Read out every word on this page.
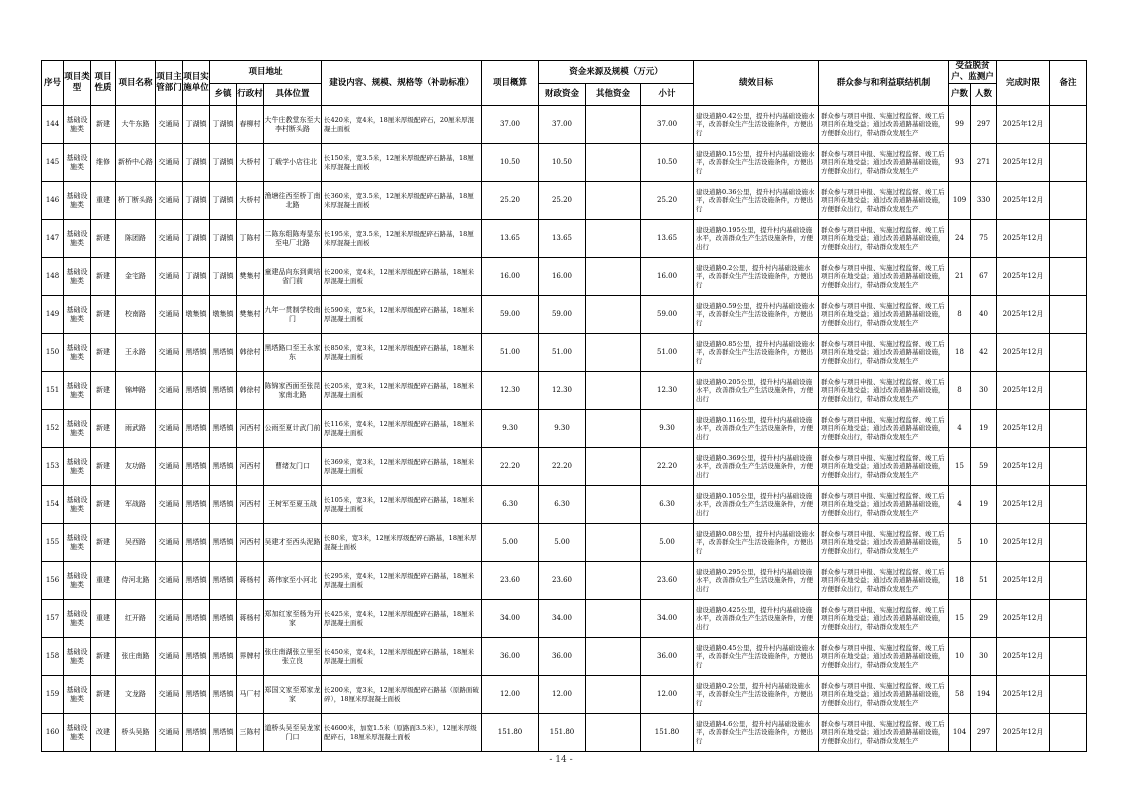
序号	项目类型	项目性质	项目名称	项目主管部门	项目实施单位	项目地址			建设内容、规模、规格等（补助标准）	项目概算	资金来源及规模（万元）			绩效目标	群众参与和利益联结机制	受益脱贫户、监测户		完成时限	备注
						乡镇	行政村	具体位置			财政资金	其他资金	小计			户数	人数		
144	基础设施类	新建	大牛东路	交通局	丁湖镇	丁湖镇	春柳村	大牛庄教堂东至大李村断头路	长420米，宽4米，18厘米厚级配碎石，20厘米厚混凝土面板	37.00	37.00		37.00	建设道路0.42公里，提升村内基础设施水平，改善群众生产生活设施条件，方便出行	群众参与项目申报、实施过程监督、竣工后项目所在地受益；通过改善道路基础设施，方便群众出行，带动群众发展生产	99	297	2025年12月	
145	基础设施类	维修	新桥中心路	交通局	丁湖镇	丁湖镇	大桥村	丁载学小店往北	长150米，宽3.5米，12厘米厚级配碎石路基，18厘米厚混凝土面板	10.50	10.50		10.50	建设道路0.15公里，提升村内基础设施水平，改善群众生产生活设施条件，方便出行	群众参与项目申报、实施过程监督、竣工后项目所在地受益；通过改善道路基础设施，方便群众出行，带动群众发展生产	93	271	2025年12月	
146	基础设施类	重建	桥丁断头路	交通局	丁湖镇	丁湖镇	大桥村	渔塘往西至桥丁南北路	长360米，宽3.5米，12厘米厚级配碎石路基，18厘米厚混凝土面板	25.20	25.20		25.20	建设道路0.36公里，提升村内基础设施水平，改善群众生产生活设施条件，方便出行	群众参与项目申报、实施过程监督、竣工后项目所在地受益；通过改善道路基础设施，方便群众出行，带动群众发展生产	109	330	2025年12月	
147	基础设施类	新建	陈团路	交通局	丁湖镇	丁湖镇	丁陈村	二陈东组陈寿显东至电厂北路	长195米，宽3.5米，12厘米厚级配碎石路基，18厘米厚混凝土面板	13.65	13.65		13.65	建设道路0.195公里，提升村内基础设施水平，改善群众生产生活设施条件，方便出行	群众参与项目申报、实施过程监督、竣工后项目所在地受益；通过改善道路基础设施，方便群众出行，带动群众发展生产	24	75	2025年12月	
148	基础设施类	新建	金宅路	交通局	丁湖镇	丁湖镇	樊集村	童建品向东到黄培省门前	长200米，宽4米，12厘米厚级配碎石路基，18厘米厚混凝土面板	16.00	16.00		16.00	建设道路0.2公里，提升村内基础设施水平，改善群众生产生活设施条件，方便出行	群众参与项目申报、实施过程监督、竣工后项目所在地受益；通过改善道路基础设施，方便群众出行，带动群众发展生产	21	67	2025年12月	
149	基础设施类	新建	校南路	交通局	墩集镇	墩集镇	樊集村	九年一贯制学校南门	长590米，宽5米，12厘米厚级配碎石路基，18厘米厚混凝土面板	59.00	59.00		59.00	建设道路0.59公里，提升村内基础设施水平，改善群众生产生活设施条件，方便出行	群众参与项目申报、实施过程监督、竣工后项目所在地受益；通过改善道路基础设施，方便群众出行，带动群众发展生产	8	40	2025年12月	
150	基础设施类	新建	王永路	交通局	黑塔镇	黑塔镇	韩徐村	黑塔路口至王永家东	长850米，宽3米，12厘米厚级配碎石路基，18厘米厚混凝土面板	51.00	51.00		51.00	建设道路0.85公里，提升村内基础设施水平，改善群众生产生活设施条件，方便出行	群众参与项目申报、实施过程监督、竣工后项目所在地受益；通过改善道路基础设施，方便群众出行，带动群众发展生产	18	42	2025年12月	
151	基础设施类	新建	锦坤路	交通局	黑塔镇	黑塔镇	韩徐村	陈锦家西面至张昆家南北路	长205米，宽3米，12厘米厚级配碎石路基，18厘米厚混凝土面板	12.30	12.30		12.30	建设道路0.205公里，提升村内基础设施水平，改善群众生产生活设施条件，方便出行	群众参与项目申报、实施过程监督、竣工后项目所在地受益；通过改善道路基础设施，方便群众出行，带动群众发展生产	8	30	2025年12月	
152	基础设施类	新建	雨武路	交通局	黑塔镇	黑塔镇	河西村	公雨至夏计武门前	长116米，宽4米，12厘米厚级配碎石路基，18厘米厚混凝土面板	9.30	9.30		9.30	建设道路0.116公里，提升村内基础设施水平，改善群众生产生活设施条件，方便出行	群众参与项目申报、实施过程监督、竣工后项目所在地受益；通过改善道路基础设施，方便群众出行，带动群众发展生产	4	19	2025年12月	
153	基础设施类	新建	友功路	交通局	黑塔镇	黑塔镇	河西村	曹绪友门口	长369米，宽3米，12厘米厚级配碎石路基，18厘米厚混凝土面板	22.20	22.20		22.20	建设道路0.369公里，提升村内基础设施水平，改善群众生产生活设施条件，方便出行	群众参与项目申报、实施过程监督、竣工后项目所在地受益；通过改善道路基础设施，方便群众出行，带动群众发展生产	15	59	2025年12月	
154	基础设施类	新建	军战路	交通局	黑塔镇	黑塔镇	河西村	王树军至夏玉战	长105米，宽3米，12厘米厚级配碎石路基，18厘米厚混凝土面板	6.30	6.30		6.30	建设道路0.105公里，提升村内基础设施水平，改善群众生产生活设施条件，方便出行	群众参与项目申报、实施过程监督、竣工后项目所在地受益；通过改善道路基础设施，方便群众出行，带动群众发展生产	4	19	2025年12月	
155	基础设施类	新建	吴西路	交通局	黑塔镇	黑塔镇	河西村	吴建才至西头泥路	长80米，宽3米，12厘米厚级配碎石路基，18厘米厚混凝土面板	5.00	5.00		5.00	建设道路0.08公里，提升村内基础设施水平，改善群众生产生活设施条件，方便出行	群众参与项目申报、实施过程监督、竣工后项目所在地受益；通过改善道路基础设施，方便群众出行，带动群众发展生产	5	10	2025年12月	
156	基础设施类	重建	侍河北路	交通局	黑塔镇	黑塔镇	蒋杨村	蒋伟家至小河北	长295米，宽4米，12厘米厚级配碎石路基，18厘米厚混凝土面板	23.60	23.60		23.60	建设道路0.295公里，提升村内基础设施水平，改善群众生产生活设施条件，方便出行	群众参与项目申报、实施过程监督、竣工后项目所在地受益；通过改善道路基础设施，方便群众出行，带动群众发展生产	18	51	2025年12月	
157	基础设施类	重建	红开路	交通局	黑塔镇	黑塔镇	蒋杨村	郑加红家至杨为开家	长425米，宽4米，12厘米厚级配碎石路基，18厘米厚混凝土面板	34.00	34.00		34.00	建设道路0.425公里，提升村内基础设施水平，改善群众生产生活设施条件，方便出行	群众参与项目申报、实施过程监督、竣工后项目所在地受益；通过改善道路基础设施，方便群众出行，带动群众发展生产	15	29	2025年12月	
158	基础设施类	新建	张庄南路	交通局	黑塔镇	黑塔镇	界牌村	张庄南湖张立里至张立良	长450米，宽4米，12厘米厚级配碎石路基，18厘米厚混凝土面板	36.00	36.00		36.00	建设道路0.45公里，提升村内基础设施水平，改善群众生产生活设施条件，方便出行	群众参与项目申报、实施过程监督、竣工后项目所在地受益；通过改善道路基础设施，方便群众出行，带动群众发展生产	10	30	2025年12月	
159	基础设施类	新建	文龙路	交通局	黑塔镇	黑塔镇	马厂村	郑国文家至郑家龙家	长200米，宽3米，12厘米厚级配碎石路基（原路面破碎），18厘米厚混凝土面板	12.00	12.00		12.00	建设道路0.2公里，提升村内基础设施水平，改善群众生产生活设施条件，方便出行	群众参与项目申报、实施过程监督、竣工后项目所在地受益；通过改善道路基础设施，方便群众出行，带动群众发展生产	58	194	2025年12月	
160	基础设施类	改建	桥头吴路	交通局	黑塔镇	黑塔镇	三陈村	道桥头吴至吴龙家门口	长4600米，加宽1.5米（原路面3.5米），12厘米厚级配碎石，18厘米厚混凝土面板	151.80	151.80		151.80	建设道路4.6公里，提升村内基础设施水平，改善群众生产生活设施条件，方便出行	群众参与项目申报、实施过程监督、竣工后项目所在地受益；通过改善道路基础设施，方便群众出行，带动群众发展生产	104	297	2025年12月	
- 14 -
